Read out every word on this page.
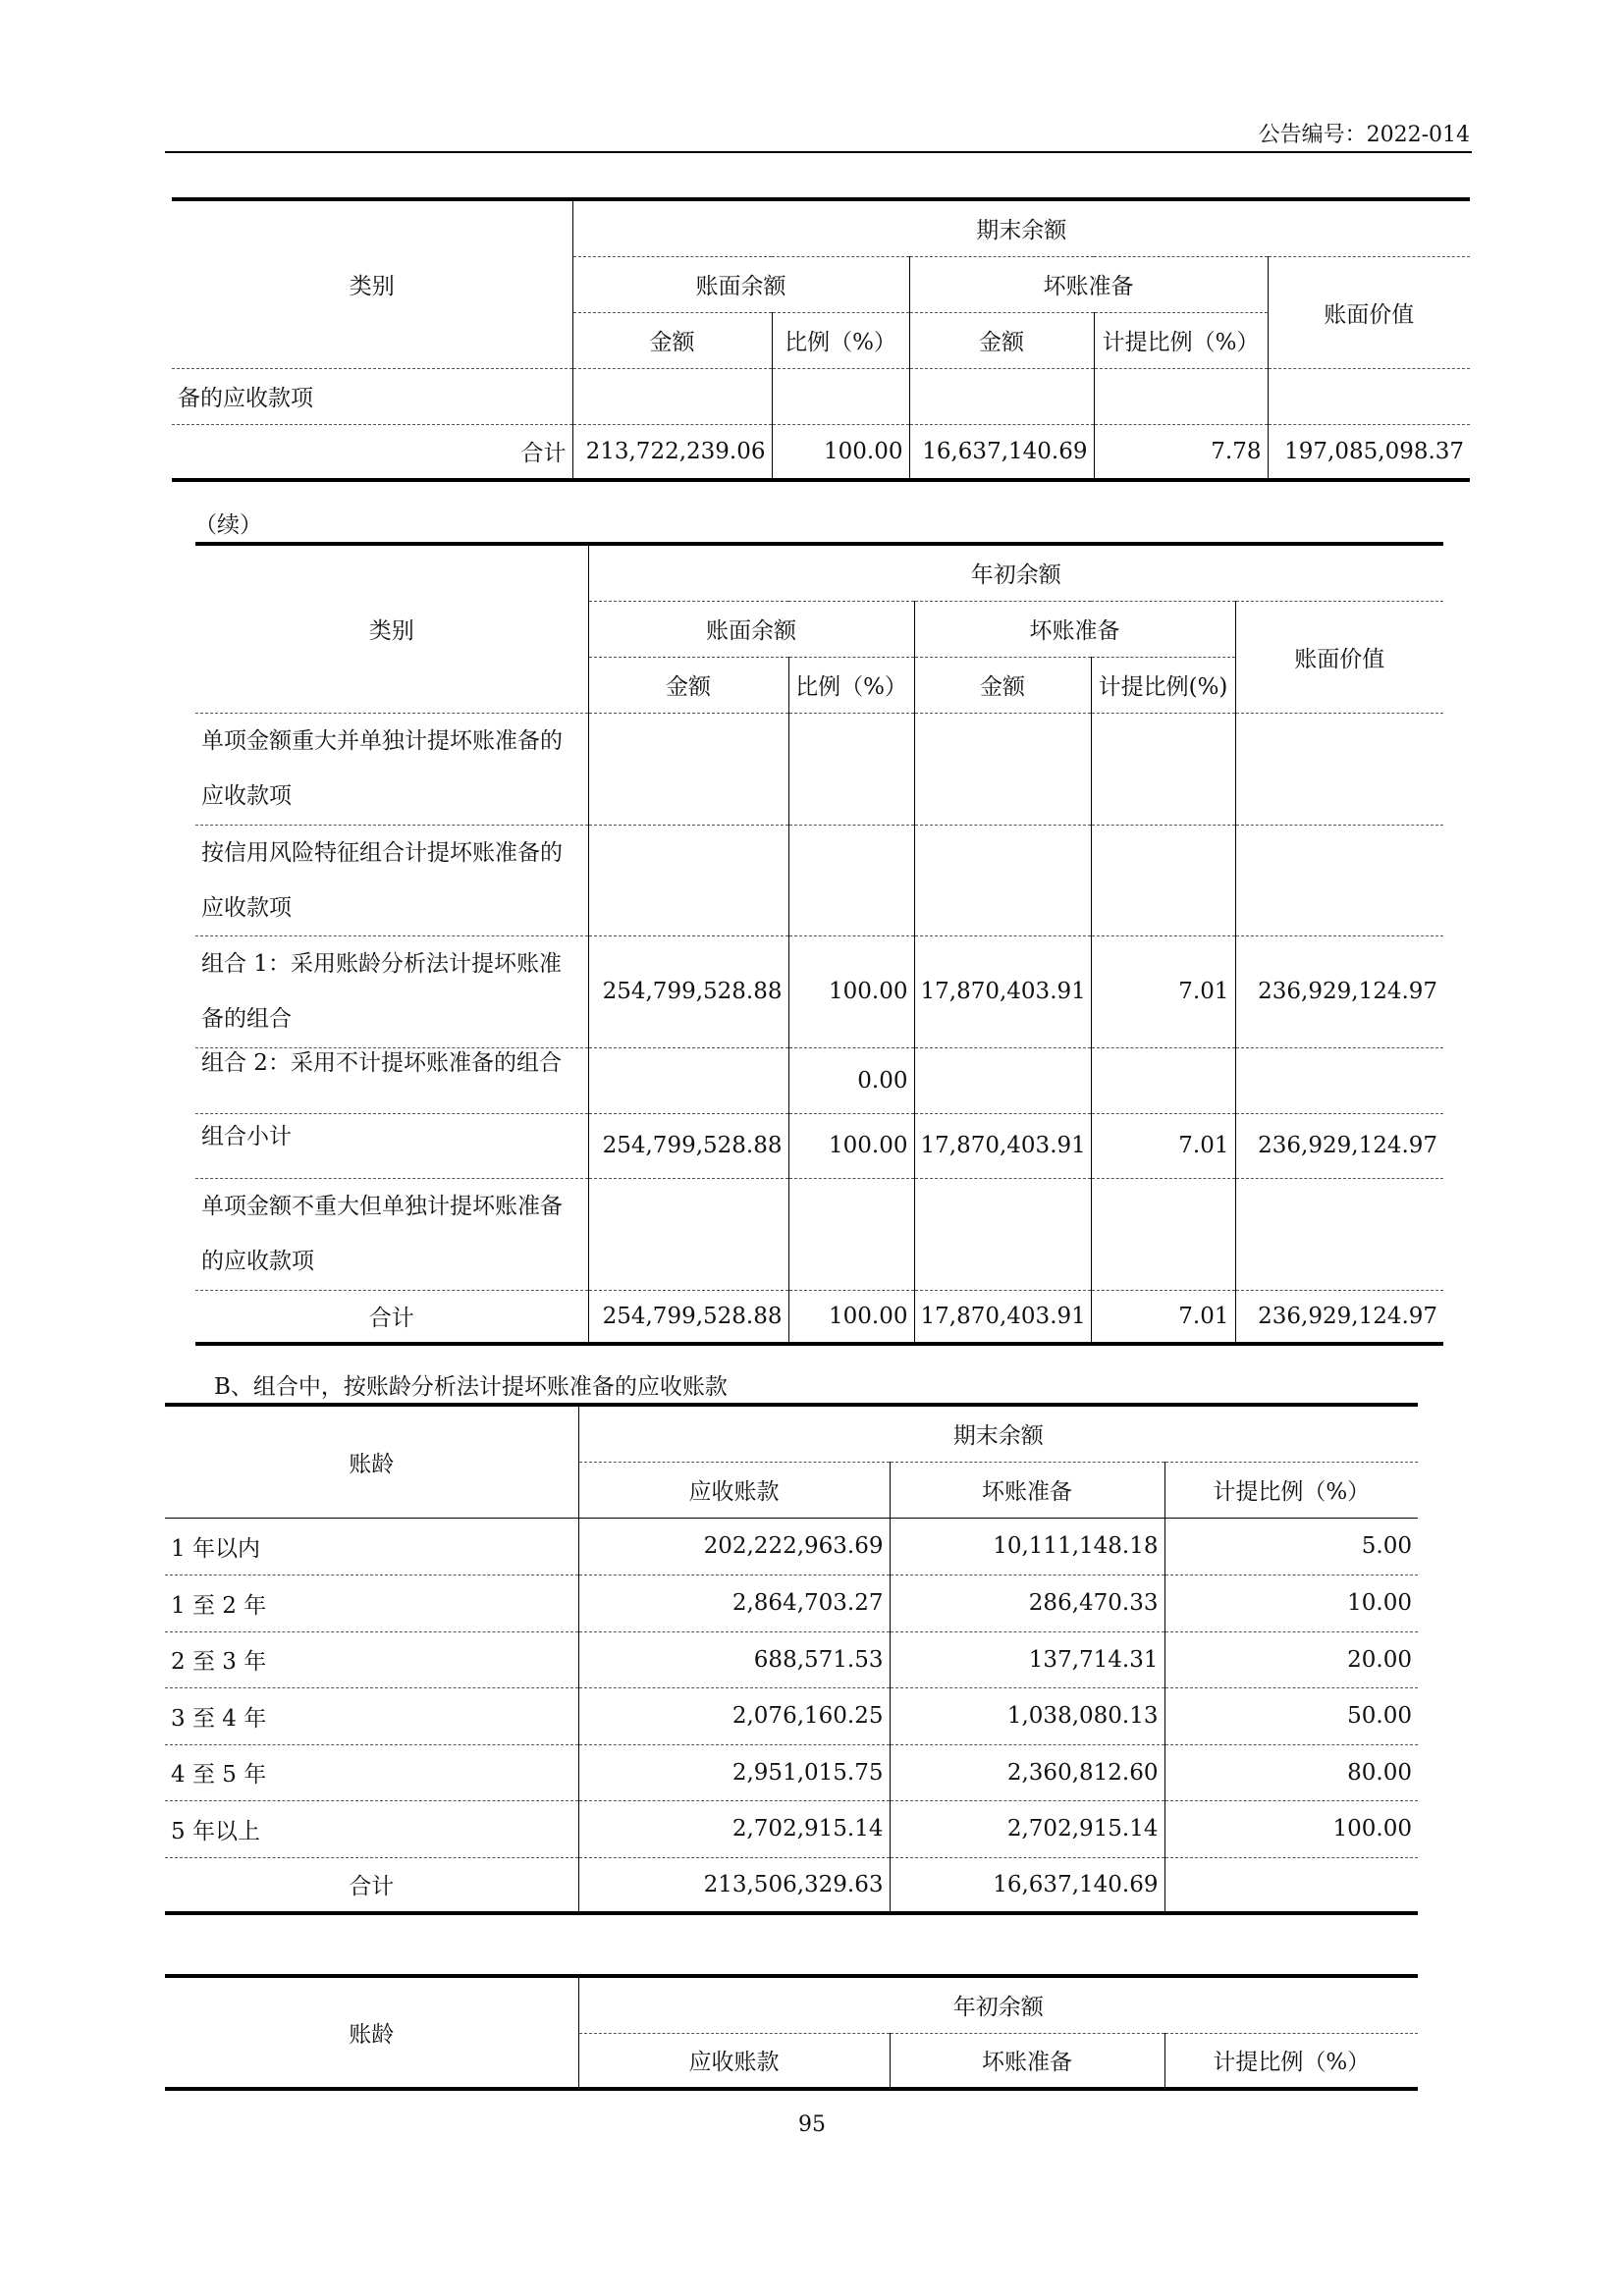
公告编号：2022-014
类别	期末余额				
	账面余额		坏账准备		账面价值
	金额	比例（%）	金额	计提比例（%）	
备的应收款项					
合计	213,722,239.06	100.00	16,637,140.69	7.78	197,085,098.37
（续）
类别	年初余额				
	账面余额		坏账准备		账面价值
	金额	比例（%）	金额	计提比例(%)	
单项金额重大并单独计提坏账准备的应收款项					
按信用风险特征组合计提坏账准备的应收款项					
组合 1：采用账龄分析法计提坏账准备的组合	254,799,528.88	100.00	17,870,403.91	7.01	236,929,124.97
组合 2：采用不计提坏账准备的组合		0.00			
组合小计	254,799,528.88	100.00	17,870,403.91	7.01	236,929,124.97
单项金额不重大但单独计提坏账准备的应收款项					
合计	254,799,528.88	100.00	17,870,403.91	7.01	236,929,124.97
B、组合中，按账龄分析法计提坏账准备的应收账款
账龄	期末余额		
	应收账款	坏账准备	计提比例（%）
1 年以内	202,222,963.69	10,111,148.18	5.00
1 至 2 年	2,864,703.27	286,470.33	10.00
2 至 3 年	688,571.53	137,714.31	20.00
3 至 4 年	2,076,160.25	1,038,080.13	50.00
4 至 5 年	2,951,015.75	2,360,812.60	80.00
5 年以上	2,702,915.14	2,702,915.14	100.00
合计	213,506,329.63	16,637,140.69	
账龄	年初余额		
	应收账款	坏账准备	计提比例（%）
95
